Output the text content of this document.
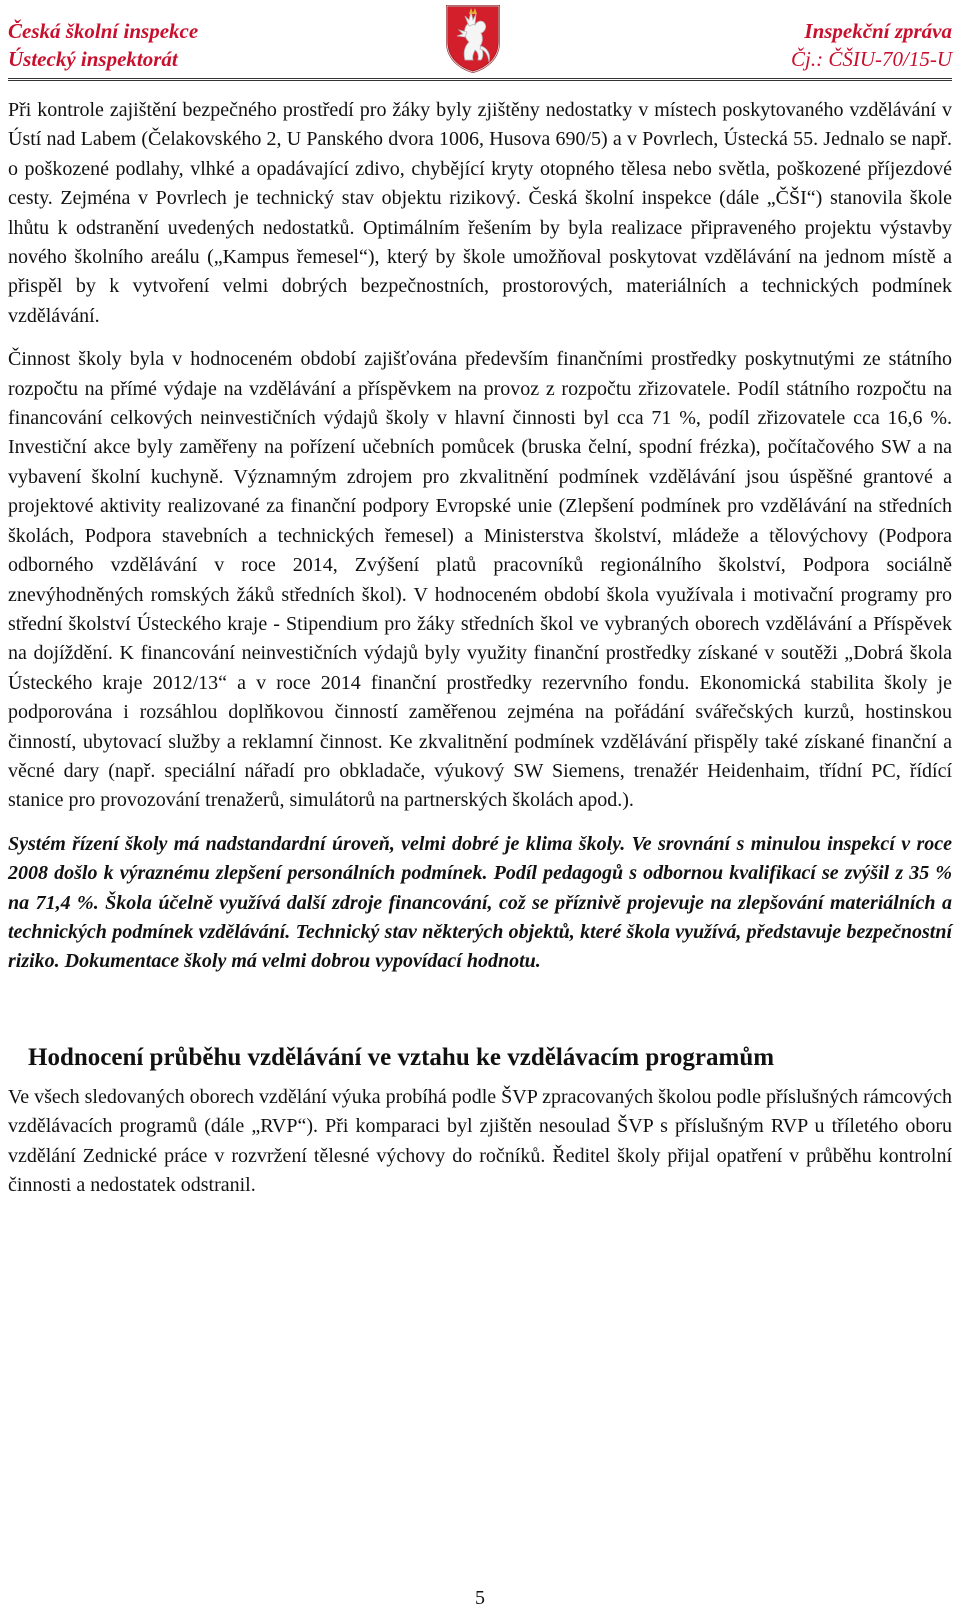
Česká školní inspekce
Ústecký inspektorát
Inspekční zpráva
Čj.: ČŠIU-70/15-U

Při kontrole zajištění bezpečného prostředí pro žáky byly zjištěny nedostatky v místech poskytovaného vzdělávání v Ústí nad Labem (Čelakovského 2, U Panského dvora 1006, Husova 690/5) a v Povrlech, Ústecká 55. Jednalo se např. o poškozené podlahy, vlhké a opadávající zdivo, chybějící kryty otopného tělesa nebo světla, poškozené příjezdové cesty. Zejména v Povrlech je technický stav objektu rizikový. Česká školní inspekce (dále „ČŠI“) stanovila škole lhůtu k odstranění uvedených nedostatků. Optimálním řešením by byla realizace připraveného projektu výstavby nového školního areálu („Kampus řemesel“), který by škole umožňoval poskytovat vzdělávání na jednom místě a přispěl by k vytvoření velmi dobrých bezpečnostních, prostorových, materiálních a technických podmínek vzdělávání.

Činnost školy byla v hodnoceném období zajišťována především finančními prostředky poskytnutými ze státního rozpočtu na přímé výdaje na vzdělávání a příspěvkem na provoz z rozpočtu zřizovatele. Podíl státního rozpočtu na financování celkových neinvestičních výdajů školy v hlavní činnosti byl cca 71 %, podíl zřizovatele cca 16,6 %. Investiční akce byly zaměřeny na pořízení učebních pomůcek (bruska čelní, spodní frézka), počítačového SW a na vybavení školní kuchyně. Významným zdrojem pro zkvalitnění podmínek vzdělávání jsou úspěšné grantové a projektové aktivity realizované za finanční podpory Evropské unie (Zlepšení podmínek pro vzdělávání na středních školách, Podpora stavebních a technických řemesel) a Ministerstva školství, mládeže a tělovýchovy (Podpora odborného vzdělávání v roce 2014, Zvýšení platů pracovníků regionálního školství, Podpora sociálně znevýhodněných romských žáků středních škol). V hodnoceném období škola využívala i motivační programy pro střední školství Ústeckého kraje - Stipendium pro žáky středních škol ve vybraných oborech vzdělávání a Příspěvek na dojíždění. K financování neinvestičních výdajů byly využity finanční prostředky získané v soutěži „Dobrá škola Ústeckého kraje 2012/13“ a v roce 2014 finanční prostředky rezervního fondu. Ekonomická stabilita školy je podporována i rozsáhlou doplňkovou činností zaměřenou zejména na pořádání svářečských kurzů, hostinskou činností, ubytovací služby a reklamní činnost. Ke zkvalitnění podmínek vzdělávání přispěly také získané finanční a věcné dary (např. speciální nářadí pro obkladače, výukový SW Siemens, trenažér Heidenhaim, třídní PC, řídící stanice pro provozování trenažerů, simulátorů na partnerských školách apod.).

Systém řízení školy má nadstandardní úroveň, velmi dobré je klima školy. Ve srovnání s minulou inspekcí v roce 2008 došlo k výraznému zlepšení personálních podmínek. Podíl pedagogů s odbornou kvalifikací se zvýšil z 35 % na 71,4 %. Škola účelně využívá další zdroje financování, což se příznivě projevuje na zlepšování materiálních a technických podmínek vzdělávání. Technický stav některých objektů, které škola využívá, představuje bezpečnostní riziko. Dokumentace školy má velmi dobrou vypovídací hodnotu.

Hodnocení průběhu vzdělávání ve vztahu ke vzdělávacím programům

Ve všech sledovaných oborech vzdělání výuka probíhá podle ŠVP zpracovaných školou podle příslušných rámcových vzdělávacích programů (dále „RVP“). Při komparaci byl zjištěn nesoulad ŠVP s příslušným RVP u tříletého oboru vzdělání Zednické práce v rozvržení tělesné výchovy do ročníků. Ředitel školy přijal opatření v průběhu kontrolní činnosti a nedostatek odstranil.

5
